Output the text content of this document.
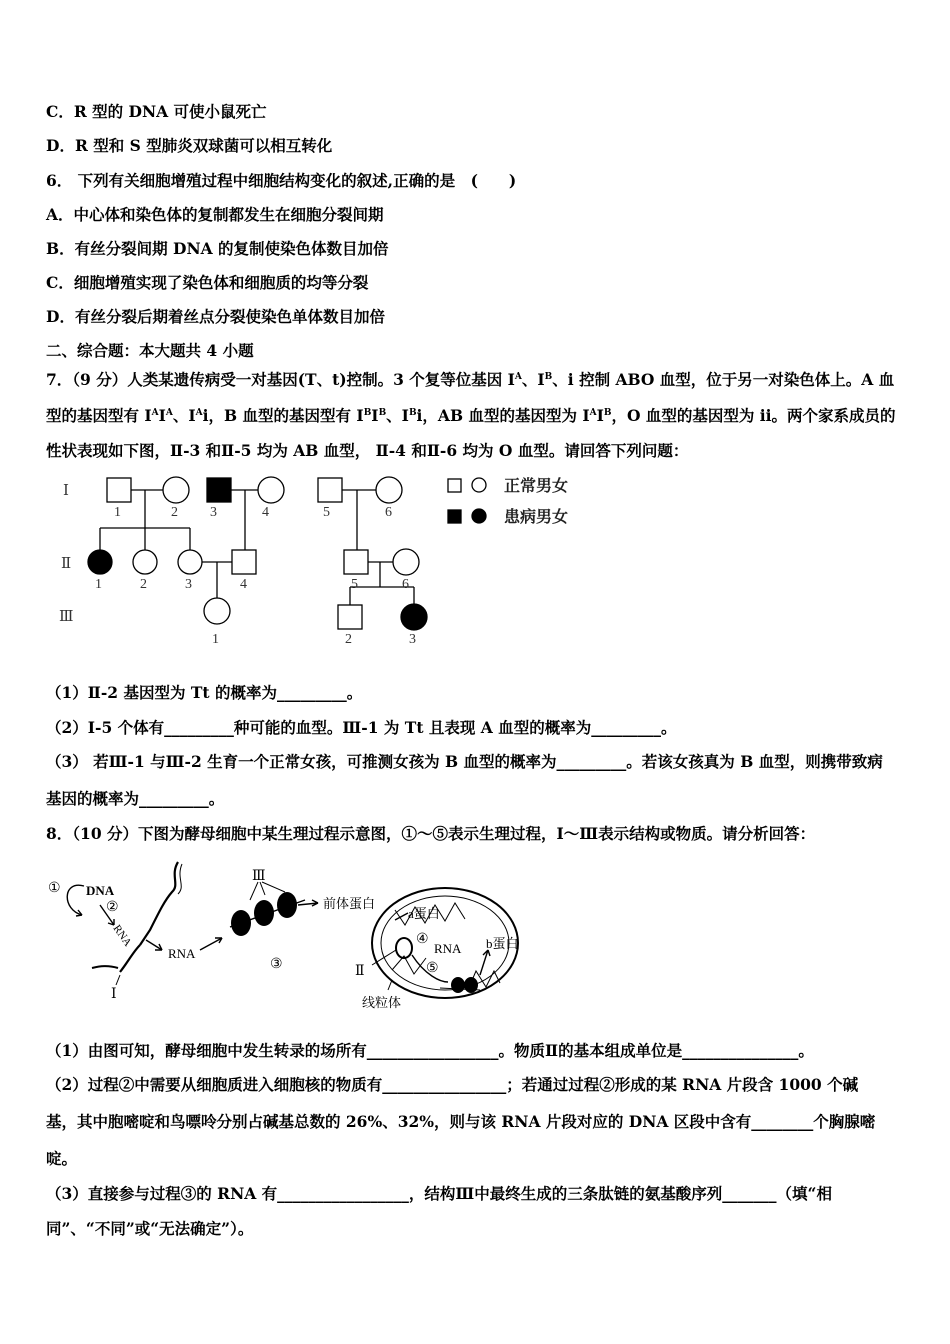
C．R 型的 DNA 可使小鼠死亡
D．R 型和 S 型肺炎双球菌可以相互转化
6． 下列有关细胞增殖过程中细胞结构变化的叙述,正确的是　(　　)
A．中心体和染色体的复制都发生在细胞分裂间期
B．有丝分裂间期 DNA 的复制使染色体数目加倍
C．细胞增殖实现了染色体和细胞质的均等分裂
D．有丝分裂后期着丝点分裂使染色单体数目加倍
二、综合题：本大题共 4 小题
7．（9 分）人类某遗传病受一对基因(T、t)控制。3 个复等位基因 $I^A$、$I^B$、i 控制 ABO 血型，位于另一对染色体上。A 血
型的基因型有 $I^AI^A$、$I^Ai$，B 血型的基因型有 $I^BI^B$、$I^Bi$，AB 血型的基因型为 $I^AI^B$，O 血型的基因型为 ii。两个家系成员的
性状表现如下图，Ⅱ-3 和Ⅱ-5 均为 AB 血型， Ⅱ-4 和Ⅱ-6 均为 O 血型。请回答下列问题：
Ⅰ
Ⅱ
Ⅲ
1	2 3	4	5	6
1	2	3	4	5	6
1	2	3
正常男女
患病男女
（1）Ⅱ-2 基因型为 Tt 的概率为_________。
（2）Ⅰ-5 个体有_________种可能的血型。Ⅲ-1 为 Tt 且表现 A 血型的概率为_________。
（3） 若Ⅲ-1 与Ⅲ-2 生育一个正常女孩，可推测女孩为 B 血型的概率为_________。若该女孩真为 B 血型，则携带致病
基因的概率为_________。
8．（10 分）下图为酵母细胞中某生理过程示意图，①～⑤表示生理过程，Ⅰ～Ⅲ表示结构或物质。请分析回答：
① DNA
②
RNA
RNA
Ⅰ
Ⅲ
③
前体蛋白
a蛋白
④
RNA b蛋白
⑤
Ⅱ
线粒体
（1）由图可知，酵母细胞中发生转录的场所有_________________。物质Ⅱ的基本组成单位是_______________。
（2）过程②中需要从细胞质进入细胞核的物质有________________；若通过过程②形成的某 RNA 片段含 1000 个碱
基，其中胞嘧啶和鸟嘌呤分别占碱基总数的 26%、32%，则与该 RNA 片段对应的 DNA 区段中含有________个胸腺嘧
啶。
（3）直接参与过程③的 RNA 有_________________，结构Ⅲ中最终生成的三条肽链的氨基酸序列_______（填“相
同”、“不同”或“无法确定”）。
